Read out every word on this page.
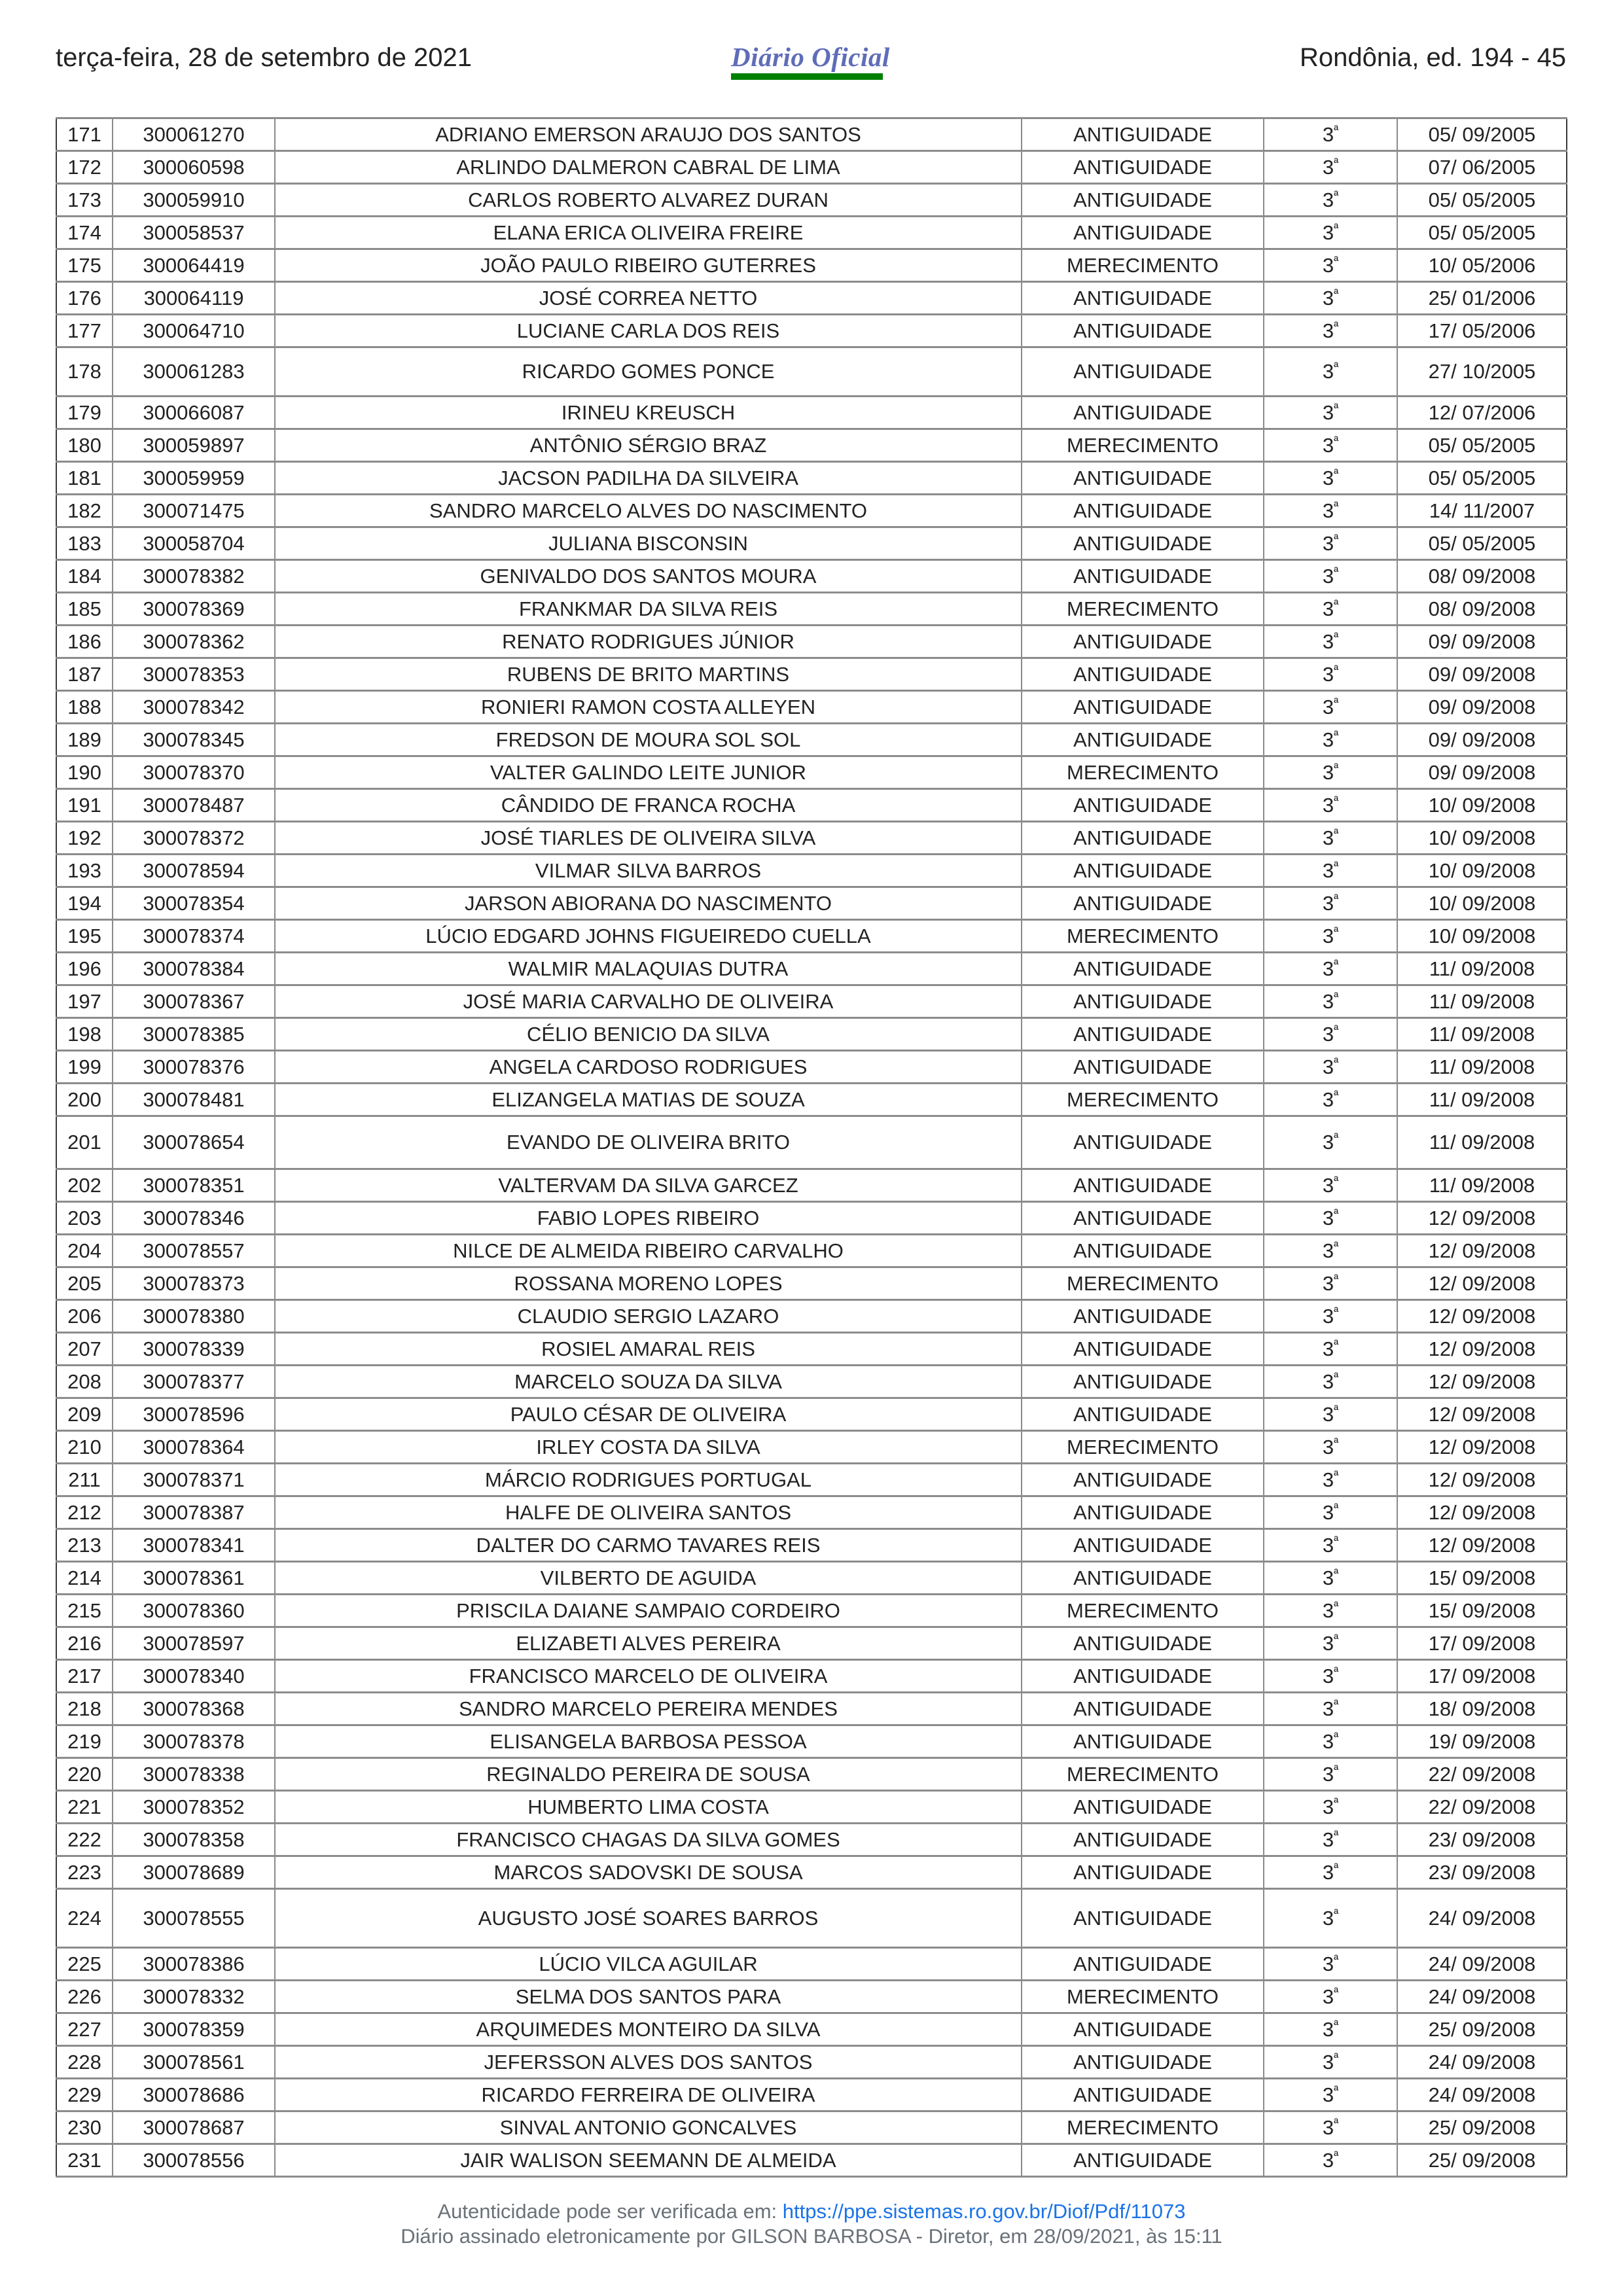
terça-feira, 28 de setembro de 2021	Diário Oficial	Rondônia, ed. 194 - 45
171	300061270	ADRIANO EMERSON ARAUJO DOS SANTOS	ANTIGUIDADE	$3^ª$	05/ 09/2005
172	300060598	ARLINDO DALMERON CABRAL DE LIMA	ANTIGUIDADE	$3^ª$	07/ 06/2005
173	300059910	CARLOS ROBERTO ALVAREZ DURAN	ANTIGUIDADE	$3^ª$	05/ 05/2005
174	300058537	ELANA ERICA OLIVEIRA FREIRE	ANTIGUIDADE	$3^ª$	05/ 05/2005
175	300064419	JOÃO PAULO RIBEIRO GUTERRES	MERECIMENTO	$3^ª$	10/ 05/2006
176	300064119	JOSÉ CORREA NETTO	ANTIGUIDADE	$3^ª$	25/ 01/2006
177	300064710	LUCIANE CARLA DOS REIS	ANTIGUIDADE	$3^ª$	17/ 05/2006
178	300061283	RICARDO GOMES PONCE	ANTIGUIDADE	$3^ª$	27/ 10/2005
179	300066087	IRINEU KREUSCH	ANTIGUIDADE	$3^ª$	12/ 07/2006
180	300059897	ANTÔNIO SÉRGIO BRAZ	MERECIMENTO	$3^ª$	05/ 05/2005
181	300059959	JACSON PADILHA DA SILVEIRA	ANTIGUIDADE	$3^ª$	05/ 05/2005
182	300071475	SANDRO MARCELO ALVES DO NASCIMENTO	ANTIGUIDADE	$3^ª$	14/ 11/2007
183	300058704	JULIANA BISCONSIN	ANTIGUIDADE	$3^ª$	05/ 05/2005
184	300078382	GENIVALDO DOS SANTOS MOURA	ANTIGUIDADE	$3^ª$	08/ 09/2008
185	300078369	FRANKMAR DA SILVA REIS	MERECIMENTO	$3^ª$	08/ 09/2008
186	300078362	RENATO RODRIGUES JÚNIOR	ANTIGUIDADE	$3^ª$	09/ 09/2008
187	300078353	RUBENS DE BRITO MARTINS	ANTIGUIDADE	$3^ª$	09/ 09/2008
188	300078342	RONIERI RAMON COSTA ALLEYEN	ANTIGUIDADE	$3^ª$	09/ 09/2008
189	300078345	FREDSON DE MOURA SOL SOL	ANTIGUIDADE	$3^ª$	09/ 09/2008
190	300078370	VALTER GALINDO LEITE JUNIOR	MERECIMENTO	$3^ª$	09/ 09/2008
191	300078487	CÂNDIDO DE FRANCA ROCHA	ANTIGUIDADE	$3^ª$	10/ 09/2008
192	300078372	JOSÉ TIARLES DE OLIVEIRA SILVA	ANTIGUIDADE	$3^ª$	10/ 09/2008
193	300078594	VILMAR SILVA BARROS	ANTIGUIDADE	$3^ª$	10/ 09/2008
194	300078354	JARSON ABIORANA DO NASCIMENTO	ANTIGUIDADE	$3^ª$	10/ 09/2008
195	300078374	LÚCIO EDGARD JOHNS FIGUEIREDO CUELLA	MERECIMENTO	$3^ª$	10/ 09/2008
196	300078384	WALMIR MALAQUIAS DUTRA	ANTIGUIDADE	$3^ª$	11/ 09/2008
197	300078367	JOSÉ MARIA CARVALHO DE OLIVEIRA	ANTIGUIDADE	$3^ª$	11/ 09/2008
198	300078385	CÉLIO BENICIO DA SILVA	ANTIGUIDADE	$3^ª$	11/ 09/2008
199	300078376	ANGELA CARDOSO RODRIGUES	ANTIGUIDADE	$3^ª$	11/ 09/2008
200	300078481	ELIZANGELA MATIAS DE SOUZA	MERECIMENTO	$3^ª$	11/ 09/2008
201	300078654	EVANDO DE OLIVEIRA BRITO	ANTIGUIDADE	$3^ª$	11/ 09/2008
202	300078351	VALTERVAM DA SILVA GARCEZ	ANTIGUIDADE	$3^ª$	11/ 09/2008
203	300078346	FABIO LOPES RIBEIRO	ANTIGUIDADE	$3^ª$	12/ 09/2008
204	300078557	NILCE DE ALMEIDA RIBEIRO CARVALHO	ANTIGUIDADE	$3^ª$	12/ 09/2008
205	300078373	ROSSANA MORENO LOPES	MERECIMENTO	$3^ª$	12/ 09/2008
206	300078380	CLAUDIO SERGIO LAZARO	ANTIGUIDADE	$3^ª$	12/ 09/2008
207	300078339	ROSIEL AMARAL REIS	ANTIGUIDADE	$3^ª$	12/ 09/2008
208	300078377	MARCELO SOUZA DA SILVA	ANTIGUIDADE	$3^ª$	12/ 09/2008
209	300078596	PAULO CÉSAR DE OLIVEIRA	ANTIGUIDADE	$3^ª$	12/ 09/2008
210	300078364	IRLEY COSTA DA SILVA	MERECIMENTO	$3^ª$	12/ 09/2008
211	300078371	MÁRCIO RODRIGUES PORTUGAL	ANTIGUIDADE	$3^ª$	12/ 09/2008
212	300078387	HALFE DE OLIVEIRA SANTOS	ANTIGUIDADE	$3^ª$	12/ 09/2008
213	300078341	DALTER DO CARMO TAVARES REIS	ANTIGUIDADE	$3^ª$	12/ 09/2008
214	300078361	VILBERTO DE AGUIDA	ANTIGUIDADE	$3^ª$	15/ 09/2008
215	300078360	PRISCILA DAIANE SAMPAIO CORDEIRO	MERECIMENTO	$3^ª$	15/ 09/2008
216	300078597	ELIZABETI ALVES PEREIRA	ANTIGUIDADE	$3^ª$	17/ 09/2008
217	300078340	FRANCISCO MARCELO DE OLIVEIRA	ANTIGUIDADE	$3^ª$	17/ 09/2008
218	300078368	SANDRO MARCELO PEREIRA MENDES	ANTIGUIDADE	$3^ª$	18/ 09/2008
219	300078378	ELISANGELA BARBOSA PESSOA	ANTIGUIDADE	$3^ª$	19/ 09/2008
220	300078338	REGINALDO PEREIRA DE SOUSA	MERECIMENTO	$3^ª$	22/ 09/2008
221	300078352	HUMBERTO LIMA COSTA	ANTIGUIDADE	$3^ª$	22/ 09/2008
222	300078358	FRANCISCO CHAGAS DA SILVA GOMES	ANTIGUIDADE	$3^ª$	23/ 09/2008
223	300078689	MARCOS SADOVSKI DE SOUSA	ANTIGUIDADE	$3^ª$	23/ 09/2008
224	300078555	AUGUSTO JOSÉ SOARES BARROS	ANTIGUIDADE	$3^ª$	24/ 09/2008
225	300078386	LÚCIO VILCA AGUILAR	ANTIGUIDADE	$3^ª$	24/ 09/2008
226	300078332	SELMA DOS SANTOS PARA	MERECIMENTO	$3^ª$	24/ 09/2008
227	300078359	ARQUIMEDES MONTEIRO DA SILVA	ANTIGUIDADE	$3^ª$	25/ 09/2008
228	300078561	JEFERSSON ALVES DOS SANTOS	ANTIGUIDADE	$3^ª$	24/ 09/2008
229	300078686	RICARDO FERREIRA DE OLIVEIRA	ANTIGUIDADE	$3^ª$	24/ 09/2008
230	300078687	SINVAL ANTONIO GONCALVES	MERECIMENTO	$3^ª$	25/ 09/2008
231	300078556	JAIR WALISON SEEMANN DE ALMEIDA	ANTIGUIDADE	$3^ª$	25/ 09/2008
Autenticidade pode ser verificada em: https://ppe.sistemas.ro.gov.br/Diof/Pdf/11073
Diário assinado eletronicamente por GILSON BARBOSA - Diretor, em 28/09/2021, às 15:11
